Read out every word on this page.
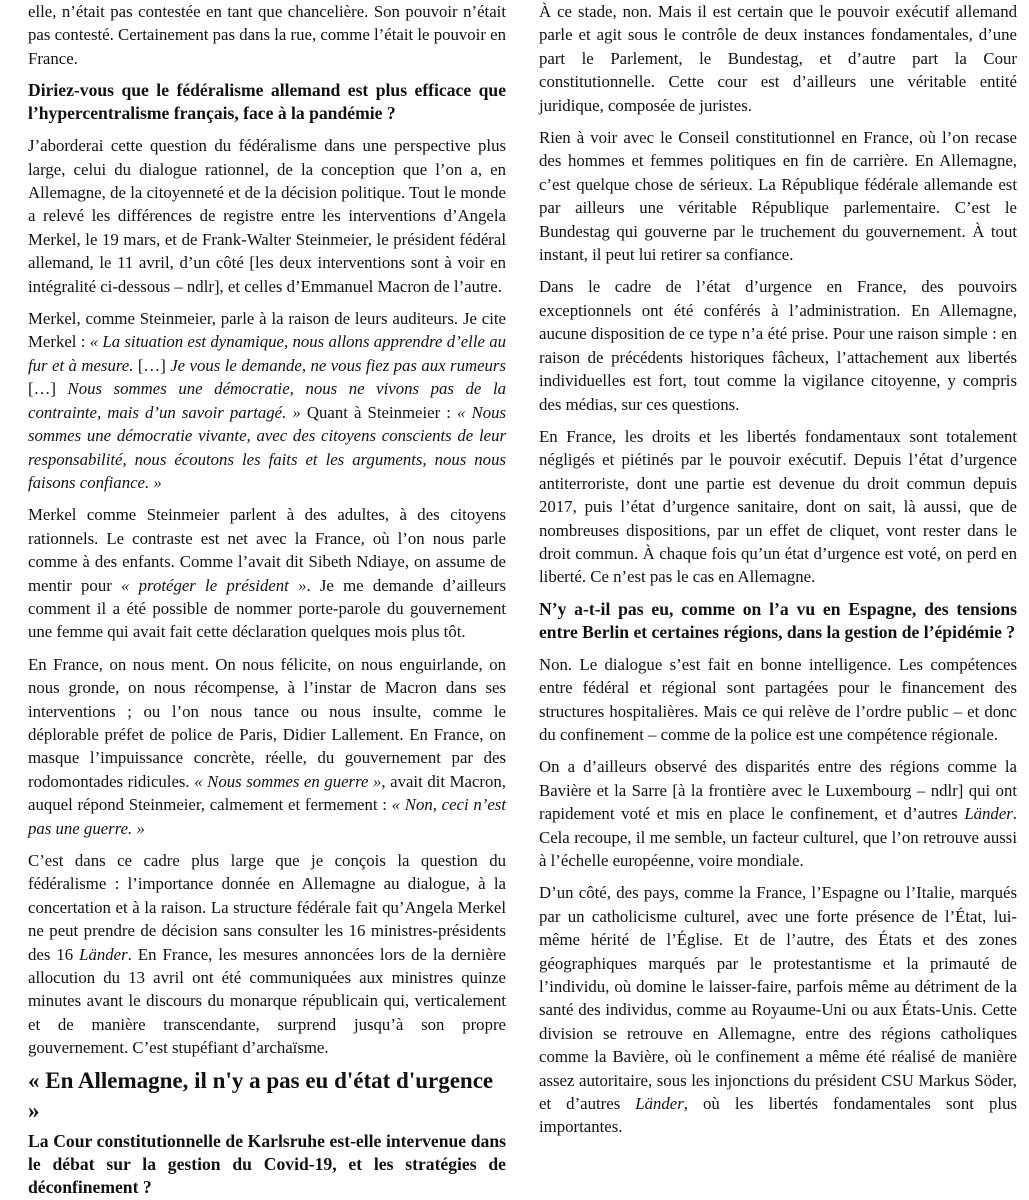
elle, n’était pas contestée en tant que chancelière. Son pouvoir n’était pas contesté. Certainement pas dans la rue, comme l’était le pouvoir en France.

Diriez-vous que le fédéralisme allemand est plus efficace que l’hypercentralisme français, face à la pandémie ?

J’aborderai cette question du fédéralisme dans une perspective plus large, celui du dialogue rationnel, de la conception que l’on a, en Allemagne, de la citoyenneté et de la décision politique. Tout le monde a relevé les différences de registre entre les interventions d’Angela Merkel, le 19 mars, et de Frank-Walter Steinmeier, le président fédéral allemand, le 11 avril, d’un côté [les deux interventions sont à voir en intégralité ci-dessous – ndlr], et celles d’Emmanuel Macron de l’autre.

Merkel, comme Steinmeier, parle à la raison de leurs auditeurs. Je cite Merkel : « La situation est dynamique, nous allons apprendre d’elle au fur et à mesure. […] Je vous le demande, ne vous fiez pas aux rumeurs […] Nous sommes une démocratie, nous ne vivons pas de la contrainte, mais d’un savoir partagé. » Quant à Steinmeier : « Nous sommes une démocratie vivante, avec des citoyens conscients de leur responsabilité, nous écoutons les faits et les arguments, nous nous faisons confiance. »

Merkel comme Steinmeier parlent à des adultes, à des citoyens rationnels. Le contraste est net avec la France, où l’on nous parle comme à des enfants. Comme l’avait dit Sibeth Ndiaye, on assume de mentir pour « protéger le président ». Je me demande d’ailleurs comment il a été possible de nommer porte-parole du gouvernement une femme qui avait fait cette déclaration quelques mois plus tôt.

En France, on nous ment. On nous félicite, on nous enguirlande, on nous gronde, on nous récompense, à l’instar de Macron dans ses interventions ; ou l’on nous tance ou nous insulte, comme le déplorable préfet de police de Paris, Didier Lallement. En France, on masque l’impuissance concrète, réelle, du gouvernement par des rodomontades ridicules. « Nous sommes en guerre », avait dit Macron, auquel répond Steinmeier, calmement et fermement : « Non, ceci n’est pas une guerre. »

C’est dans ce cadre plus large que je conçois la question du fédéralisme : l’importance donnée en Allemagne au dialogue, à la concertation et à la raison. La structure fédérale fait qu’Angela Merkel ne peut prendre de décision sans consulter les 16 ministres-présidents des 16 Länder. En France, les mesures annoncées lors de la dernière allocution du 13 avril ont été communiquées aux ministres quinze minutes avant le discours du monarque républicain qui, verticalement et de manière transcendante, surprend jusqu’à son propre gouvernement. C’est stupéfiant d’archaïsme.

« En Allemagne, il n'y a pas eu d'état d'urgence »

La Cour constitutionnelle de Karlsruhe est-elle intervenue dans le débat sur la gestion du Covid-19, et les stratégies de déconfinement ?

À ce stade, non. Mais il est certain que le pouvoir exécutif allemand parle et agit sous le contrôle de deux instances fondamentales, d’une part le Parlement, le Bundestag, et d’autre part la Cour constitutionnelle. Cette cour est d’ailleurs une véritable entité juridique, composée de juristes.

Rien à voir avec le Conseil constitutionnel en France, où l’on recase des hommes et femmes politiques en fin de carrière. En Allemagne, c’est quelque chose de sérieux. La République fédérale allemande est par ailleurs une véritable République parlementaire. C’est le Bundestag qui gouverne par le truchement du gouvernement. À tout instant, il peut lui retirer sa confiance.

Dans le cadre de l’état d’urgence en France, des pouvoirs exceptionnels ont été conférés à l’administration. En Allemagne, aucune disposition de ce type n’a été prise. Pour une raison simple : en raison de précédents historiques fâcheux, l’attachement aux libertés individuelles est fort, tout comme la vigilance citoyenne, y compris des médias, sur ces questions.

En France, les droits et les libertés fondamentaux sont totalement négligés et piétinés par le pouvoir exécutif. Depuis l’état d’urgence antiterroriste, dont une partie est devenue du droit commun depuis 2017, puis l’état d’urgence sanitaire, dont on sait, là aussi, que de nombreuses dispositions, par un effet de cliquet, vont rester dans le droit commun. À chaque fois qu’un état d’urgence est voté, on perd en liberté. Ce n’est pas le cas en Allemagne.

N’y a-t-il pas eu, comme on l’a vu en Espagne, des tensions entre Berlin et certaines régions, dans la gestion de l’épidémie ?

Non. Le dialogue s’est fait en bonne intelligence. Les compétences entre fédéral et régional sont partagées pour le financement des structures hospitalières. Mais ce qui relève de l’ordre public – et donc du confinement – comme de la police est une compétence régionale.

On a d’ailleurs observé des disparités entre des régions comme la Bavière et la Sarre [à la frontière avec le Luxembourg – ndlr] qui ont rapidement voté et mis en place le confinement, et d’autres Länder. Cela recoupe, il me semble, un facteur culturel, que l’on retrouve aussi à l’échelle européenne, voire mondiale.

D’un côté, des pays, comme la France, l’Espagne ou l’Italie, marqués par un catholicisme culturel, avec une forte présence de l’État, lui-même hérité de l’Église. Et de l’autre, des États et des zones géographiques marqués par le protestantisme et la primauté de l’individu, où domine le laisser-faire, parfois même au détriment de la santé des individus, comme au Royaume-Uni ou aux États-Unis. Cette division se retrouve en Allemagne, entre des régions catholiques comme la Bavière, où le confinement a même été réalisé de manière assez autoritaire, sous les injonctions du président CSU Markus Söder, et d’autres Länder, où les libertés fondamentales sont plus importantes.
